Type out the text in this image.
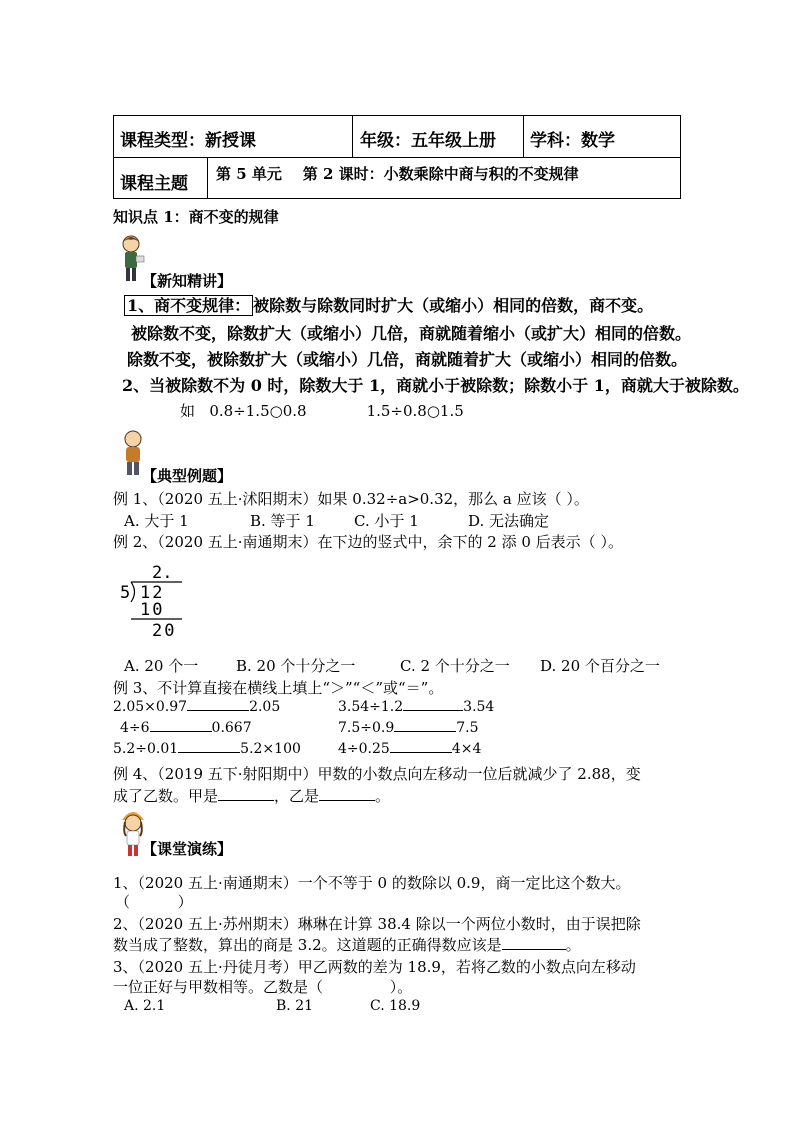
课程类型：新授课	年级：五年级上册 学科：数学
课程主题 第 5 单元    第 2 课时：小数乘除中商与积的不变规律
知识点 1：商不变的规律
【新知精讲】
1、商不变规律： 被除数与除数同时扩大（或缩小）相同的倍数，商不变。
被除数不变，除数扩大（或缩小）几倍，商就随着缩小（或扩大）相同的倍数。
除数不变，被除数扩大（或缩小）几倍，商就随着扩大（或缩小）相同的倍数。
2、当被除数不为 0 时，除数大于 1，商就小于被除数；除数小于 1，商就大于被除数。
如 0.8÷1.5○0.8	1.5÷0.8○1.5
【典型例题】
例 1、（2020 五上·沭阳期末）如果 0.32÷a>0.32，那么 a 应该（ ）。
A. 大于 1	B. 等于 1	C. 小于 1	D. 无法确定
例 2、（2020 五上·南通期末）在下边的竖式中，余下的 2 添 0 后表示（ ）。
2.
5 12
10
20
A. 20 个一	B. 20 个十分之一	C. 2 个十分之一 D. 20 个百分之一
例 3、不计算直接在横线上填上“＞”“＜”或“＝”。
2.05×0.97	2.05	3.54÷1.2	3.54
4÷6	0.667	7.5÷0.9	7.5
5.2÷0.01	5.2×100	4÷0.25	4×4
例 4、（2019 五下·射阳期中）甲数的小数点向左移动一位后就减少了 2.88，变
成了乙数。甲是	，乙是	。
【课堂演练】
1、（2020 五上·南通期末）一个不等于 0 的数除以 0.9，商一定比这个数大。
（          ）
2、（2020 五上·苏州期末）琳琳在计算 38.4 除以一个两位小数时，由于误把除
数当成了整数，算出的商是 3.2。这道题的正确得数应该是	。
3、（2020 五上·丹徒月考）甲乙两数的差为 18.9，若将乙数的小数点向左移动
一位正好与甲数相等。乙数是（              ）。
A. 2.1	B. 21	C. 18.9
